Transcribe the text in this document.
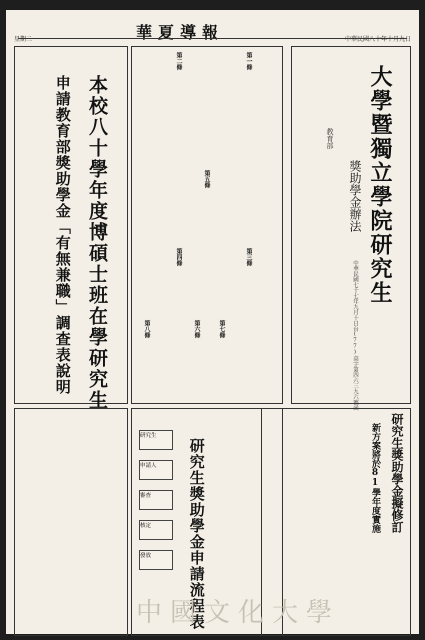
華夏導報
星期二	中華民國八十年十月九日
大學暨獨立學院研究生
獎助學金辦法
教育部
中華民國七十七年九月十日台(77)高字第四六三九六號函
第一條
第二條
第三條
第四條
第五條
第六條	第七條
第八條
本校八十學年度博碩士班在學研究生
申請教育部獎助學金「有無兼職」調查表說明
研究生獎助學金申請流程表
研究生
申請人
審查
核定
發放
研究生獎助學金擬修訂
新方案將於81學年度實施
中國文化大學
